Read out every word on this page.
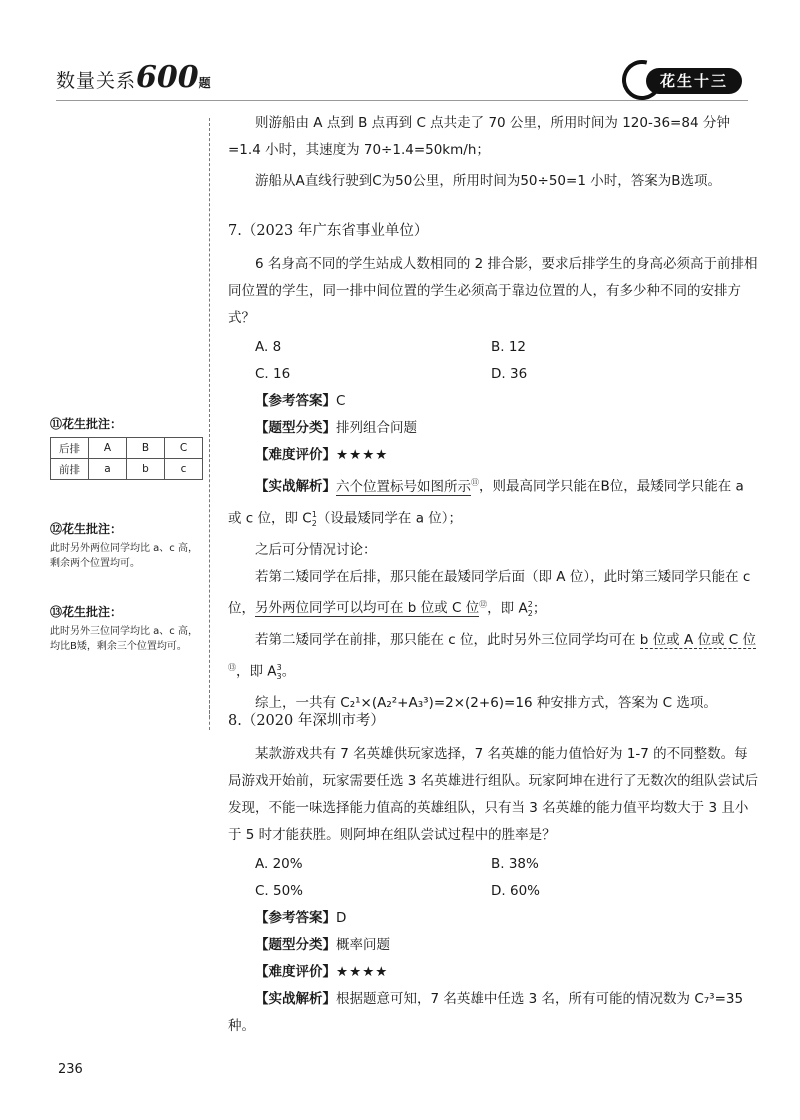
数量关系600题	花生十三

则游船由 A 点到 B 点再到 C 点共走了 70 公里，所用时间为 120-36=84 分钟 =1.4 小时，其速度为 70÷1.4=50km/h；

游船从A直线行驶到C为50公里，所用时间为50÷50=1 小时，答案为B选项。

7.（2023 年广东省事业单位）

6 名身高不同的学生站成人数相同的 2 排合影，要求后排学生的身高必须高于前排相同位置的学生，同一排中间位置的学生必须高于靠边位置的人，有多少种不同的安排方式？

A. 8	B. 12
C. 16	D. 36

【参考答案】C

【题型分类】排列组合问题

【难度评价】★★★★

【实战解析】六个位置标号如图所示⑪，则最高同学只能在B位，最矮同学只能在 a 或 c 位，即 $C_2^1$（设最矮同学在 a 位）；

之后可分情况讨论：

若第二矮同学在后排，那只能在最矮同学后面（即 A 位），此时第三矮同学只能在 c 位，另外两位同学可以均可在 b 位或 C 位⑫，即 $A_2^2$；

若第二矮同学在前排，那只能在 c 位，此时另外三位同学均可在 b 位或 A 位或 C 位⑬，即 $A_3^3$。

综上，一共有 C₂¹×(A₂²+A₃³)=2×(2+6)=16 种安排方式，答案为 C 选项。

8.（2020 年深圳市考）

某款游戏共有 7 名英雄供玩家选择，7 名英雄的能力值恰好为 1-7 的不同整数。每局游戏开始前，玩家需要任选 3 名英雄进行组队。玩家阿坤在进行了无数次的组队尝试后发现，不能一味选择能力值高的英雄组队，只有当 3 名英雄的能力值平均数大于 3 且小于 5 时才能获胜。则阿坤在组队尝试过程中的胜率是？

A. 20%	B. 38%
C. 50%	D. 60%

【参考答案】D

【题型分类】概率问题

【难度评价】★★★★

【实战解析】根据题意可知，7 名英雄中任选 3 名，所有可能的情况数为 C₇³=35 种。

⑪花生批注：
后排	A	B	C
前排	a	b	c
⑫花生批注：
此时另外两位同学均比 a、c 高，剩余两个位置均可。
⑬花生批注：
此时另外三位同学均比 a、c 高，均比B矮，剩余三个位置均可。
236
